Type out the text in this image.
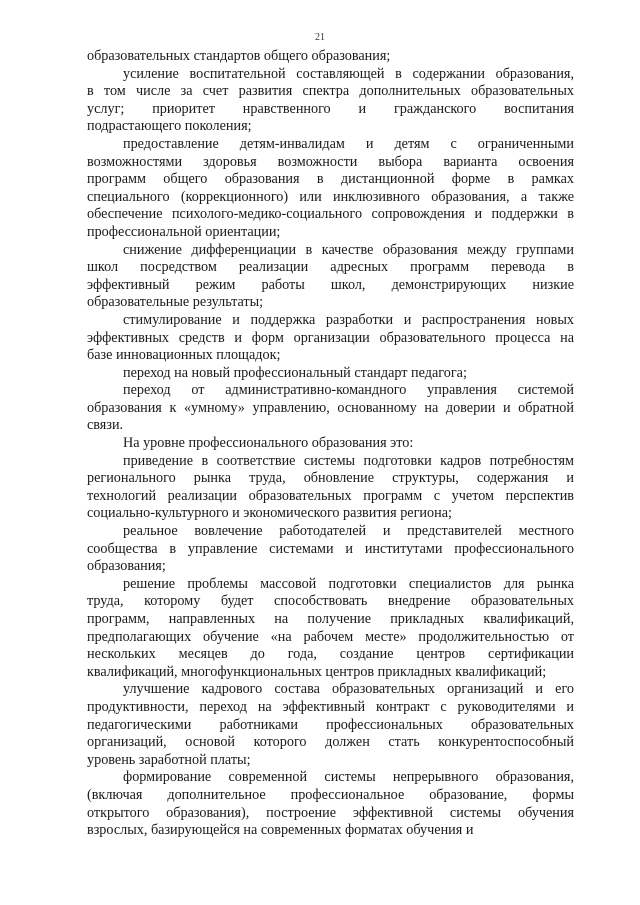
21
образовательных стандартов общего образования;
усиление воспитательной составляющей в содержании образования,
в том числе за счет развития спектра дополнительных образовательных
услуг; приоритет нравственного и гражданского воспитания
подрастающего поколения;
предоставление детям-инвалидам и детям с ограниченными
возможностями здоровья возможности выбора варианта освоения
программ общего образования в дистанционной форме в рамках
специального (коррекционного) или инклюзивного образования, а также
обеспечение психолого-медико-социального сопровождения и поддержки в
профессиональной ориентации;
снижение дифференциации в качестве образования между группами
школ посредством реализации адресных программ перевода в
эффективный режим работы школ, демонстрирующих низкие
образовательные результаты;
стимулирование и поддержка разработки и распространения новых
эффективных средств и форм организации образовательного процесса на
базе инновационных площадок;
переход на новый профессиональный стандарт педагога;
переход от административно-командного управления системой
образования к «умному» управлению, основанному на доверии и обратной
связи.
На уровне профессионального образования это:
приведение в соответствие системы подготовки кадров потребностям
регионального рынка труда, обновление структуры, содержания и
технологий реализации образовательных программ с учетом перспектив
социально-культурного и экономического развития региона;
реальное вовлечение работодателей и представителей местного
сообщества в управление системами и институтами профессионального
образования;
решение проблемы массовой подготовки специалистов для рынка
труда, которому будет способствовать внедрение образовательных
программ, направленных на получение прикладных квалификаций,
предполагающих обучение «на рабочем месте» продолжительностью от
нескольких месяцев до года, создание центров сертификации
квалификаций, многофункциональных центров прикладных квалификаций;
улучшение кадрового состава образовательных организаций и его
продуктивности, переход на эффективный контракт с руководителями и
педагогическими работниками профессиональных образовательных
организаций, основой которого должен стать конкурентоспособный
уровень заработной платы;
формирование современной системы непрерывного образования,
(включая дополнительное профессиональное образование, формы
открытого образования), построение эффективной системы обучения
взрослых, базирующейся на современных форматах обучения и
